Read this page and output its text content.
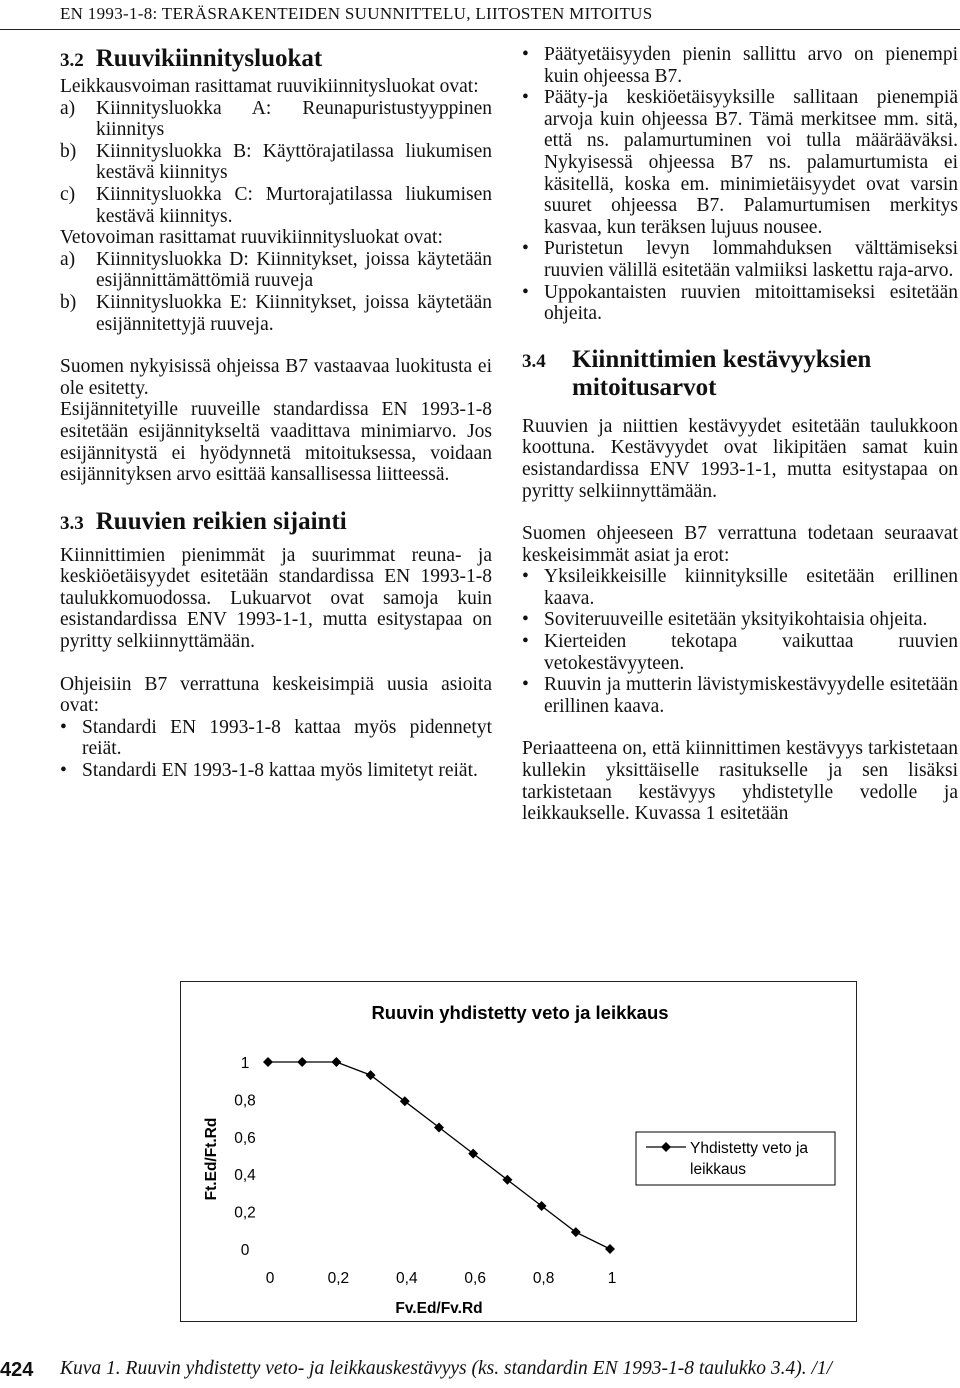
EN 1993-1-8: TERÄSRAKENTEIDEN SUUNNITTELU, LIITOSTEN MITOITUS
3.2 Ruuvikiinnitysluokat

Leikkausvoiman rasittamat ruuvikiinnitysluokat ovat:

a)	Kiinnitysluokka A: Reunapuristustyyppinen kiinnitys
b)	Kiinnitysluokka B: Käyttörajatilassa liukumisen kestävä kiinnitys
c)	Kiinnitysluokka C: Murtorajatilassa liukumisen kestävä kiinnitys.

Vetovoiman rasittamat ruuvikiinnitysluokat ovat:

a)	Kiinnitysluokka D: Kiinnitykset, joissa käytetään esijännittämättömiä ruuveja
b)	Kiinnitysluokka E: Kiinnitykset, joissa käytetään esijännitettyjä ruuveja.

Suomen nykyisissä ohjeissa B7 vastaavaa luokitusta ei ole esitetty.

Esijännitetyille ruuveille standardissa EN 1993-1-8 esitetään esijännitykseltä vaadittava minimiarvo. Jos esijännitystä ei hyödynnetä mitoituksessa, voidaan esijännityksen arvo esittää kansallisessa liitteessä.

3.3 Ruuvien reikien sijainti

Kiinnittimien pienimmät ja suurimmat reuna- ja keskiöetäisyydet esitetään standardissa EN 1993-1-8 taulukkomuodossa. Lukuarvot ovat samoja kuin esistandardissa ENV 1993-1-1, mutta esitystapaa on pyritty selkiinnyttämään.

Ohjeisiin B7 verrattuna keskeisimpiä uusia asioita ovat:

• Standardi EN 1993-1-8 kattaa myös pidennetyt reiät.
• Standardi EN 1993-1-8 kattaa myös limitetyt reiät.
• Päätyetäisyyden pienin sallittu arvo on pienempi kuin ohjeessa B7.
• Pääty-ja keskiöetäisyyksille sallitaan pienempiä arvoja kuin ohjeessa B7. Tämä merkitsee mm. sitä, että ns. palamurtuminen voi tulla määrääväksi. Nykyisessä ohjeessa B7 ns. palamurtumista ei käsitellä, koska em. minimietäisyydet ovat varsin suuret ohjeessa B7. Palamurtumisen merkitys kasvaa, kun teräksen lujuus nousee.
• Puristetun levyn lommahduksen välttämiseksi ruuvien välillä esitetään valmiiksi laskettu raja-arvo.
• Uppokantaisten ruuvien mitoittamiseksi esitetään ohjeita.
3.4	Kiinnittimien kestävyyksien mitoitusarvot

Ruuvien ja niittien kestävyydet esitetään taulukkoon koottuna. Kestävyydet ovat likipitäen samat kuin esistandardissa ENV 1993-1-1, mutta esitystapaa on pyritty selkiinnyttämään.

Suomen ohjeeseen B7 verrattuna todetaan seuraavat keskeisimmät asiat ja erot:

• Yksileikkeisille kiinnityksille esitetään erillinen kaava.
• Soviteruuveille esitetään yksityikohtaisia ohjeita.
• Kierteiden tekotapa vaikuttaa ruuvien vetokestävyyteen.
• Ruuvin ja mutterin lävistymiskestävyydelle esitetään erillinen kaava.

Periaatteena on, että kiinnittimen kestävyys tarkistetaan kullekin yksittäiselle rasitukselle ja sen lisäksi tarkistetaan kestävyys yhdistetylle vedolle ja leikkaukselle. Kuvassa 1 esitetään

Ruuvin yhdistetty veto ja leikkaus
Ft.Ed/Ft.Rd
Fv.Ed/Fv.Rd
0
0,2
0,4
0,6
0,8
1
0	0,2	0,4	0,6	0,8	1
Yhdistetty veto ja
leikkaus
424 Kuva 1. Ruuvin yhdistetty veto- ja leikkauskestävyys (ks. standardin EN 1993-1-8 taulukko 3.4). /1/
